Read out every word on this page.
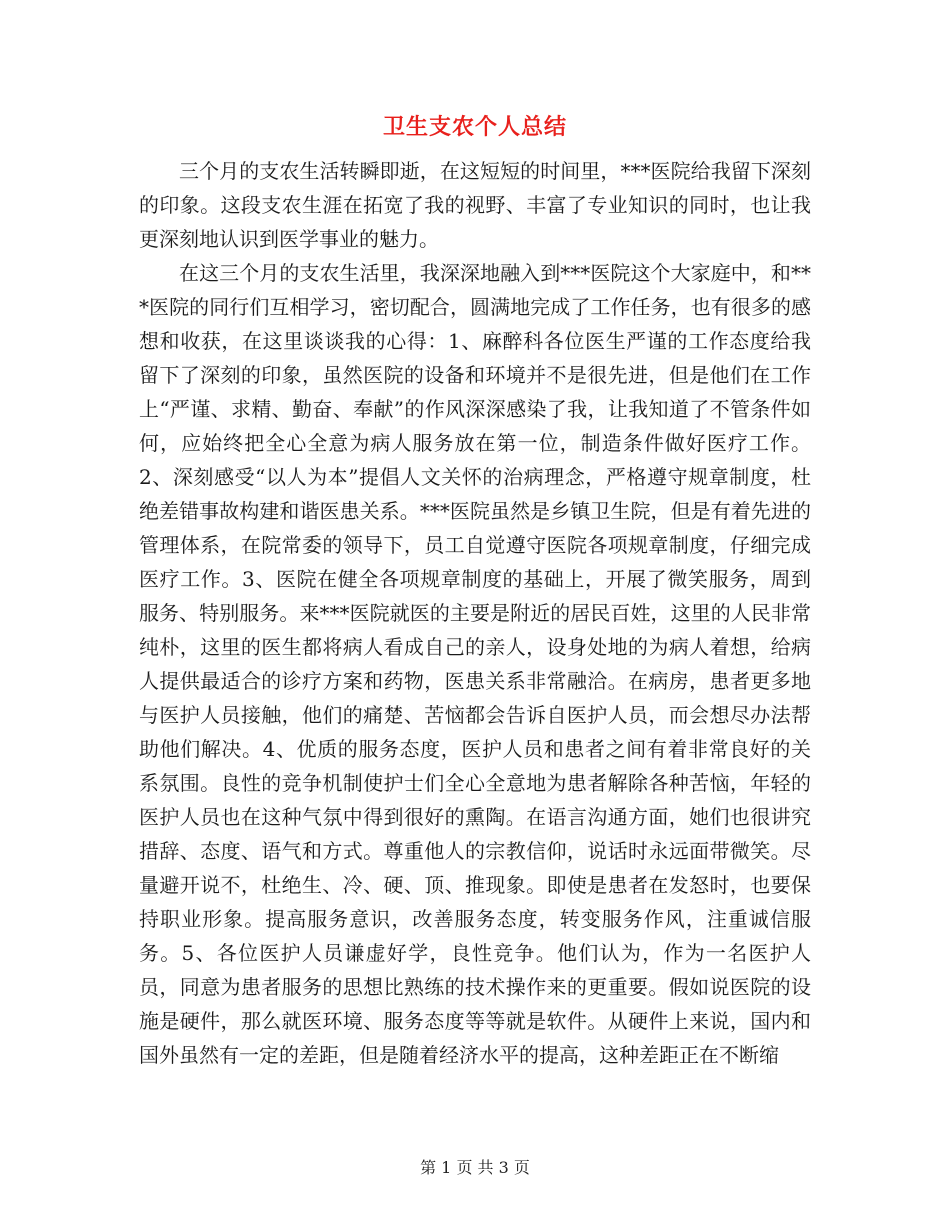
卫生支农个人总结

三个月的支农生活转瞬即逝，在这短短的时间里，***医院给我留下深刻的印象。这段支农生涯在拓宽了我的视野、丰富了专业知识的同时，也让我更深刻地认识到医学事业的魅力。

在这三个月的支农生活里，我深深地融入到***医院这个大家庭中，和***医院的同行们互相学习，密切配合，圆满地完成了工作任务，也有很多的感想和收获，在这里谈谈我的心得：1、麻醉科各位医生严谨的工作态度给我留下了深刻的印象，虽然医院的设备和环境并不是很先进，但是他们在工作上“严谨、求精、勤奋、奉献”的作风深深感染了我，让我知道了不管条件如何，应始终把全心全意为病人服务放在第一位，制造条件做好医疗工作。 2、深刻感受“以人为本”提倡人文关怀的治病理念，严格遵守规章制度，杜绝差错事故构建和谐医患关系。***医院虽然是乡镇卫生院，但是有着先进的管理体系，在院常委的领导下，员工自觉遵守医院各项规章制度，仔细完成医疗工作。3、医院在健全各项规章制度的基础上，开展了微笑服务，周到服务、特别服务。来***医院就医的主要是附近的居民百姓，这里的人民非常纯朴，这里的医生都将病人看成自己的亲人，设身处地的为病人着想，给病人提供最适合的诊疗方案和药物，医患关系非常融洽。在病房，患者更多地与医护人员接触，他们的痛楚、苦恼都会告诉自医护人员，而会想尽办法帮助他们解决。4、优质的服务态度，医护人员和患者之间有着非常良好的关系氛围。良性的竞争机制使护士们全心全意地为患者解除各种苦恼，年轻的医护人员也在这种气氛中得到很好的熏陶。在语言沟通方面，她们也很讲究措辞、态度、语气和方式。尊重他人的宗教信仰，说话时永远面带微笑。尽量避开说不，杜绝生、冷、硬、顶、推现象。即使是患者在发怒时，也要保持职业形象。提高服务意识，改善服务态度，转变服务作风，注重诚信服务。5、各位医护人员谦虚好学，良性竞争。他们认为，作为一名医护人员，同意为患者服务的思想比熟练的技术操作来的更重要。假如说医院的设施是硬件，那么就医环境、服务态度等等就是软件。从硬件上来说，国内和国外虽然有一定的差距，但是随着经济水平的提高，这种差距正在不断缩

第 1 页 共 3 页
